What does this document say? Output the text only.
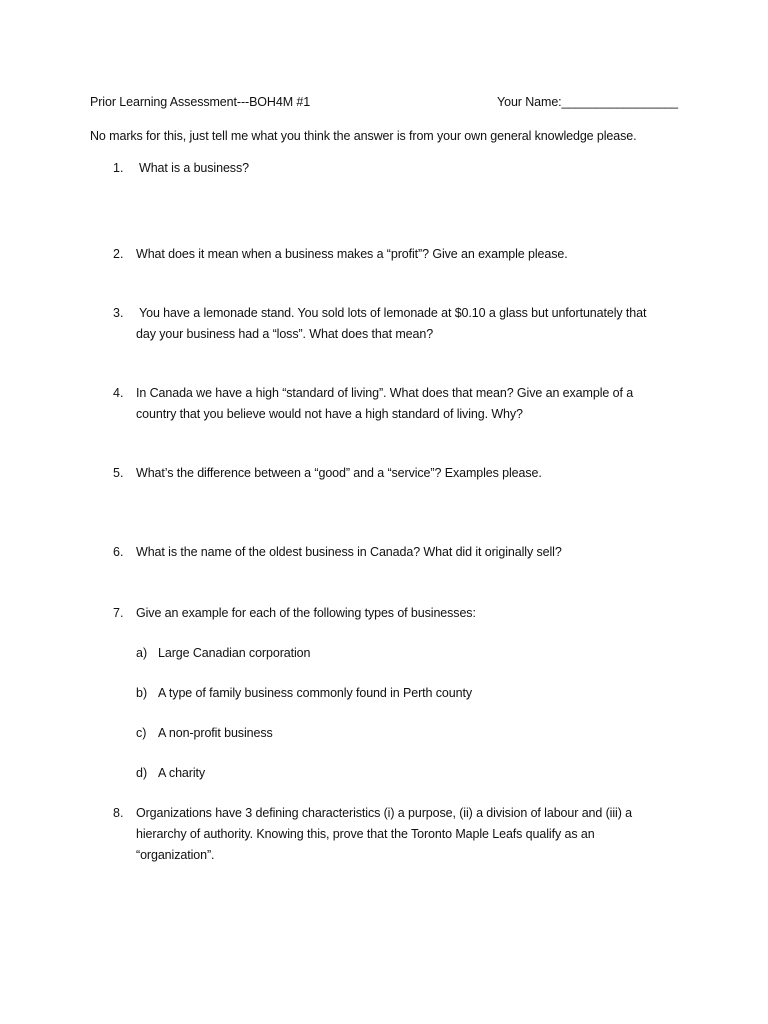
Prior Learning Assessment---BOH4M #1	Your Name:_________________
No marks for this, just tell me what you think the answer is from your own general knowledge please.
1. What is a business?
2. What does it mean when a business makes a “profit”? Give an example please.
3. You have a lemonade stand. You sold lots of lemonade at $0.10 a glass but unfortunately that
day your business had a “loss”. What does that mean?
4. In Canada we have a high “standard of living”. What does that mean? Give an example of a
country that you believe would not have a high standard of living. Why?
5. What’s the difference between a “good” and a “service”? Examples please.
6. What is the name of the oldest business in Canada? What did it originally sell?
7. Give an example for each of the following types of businesses:
a) Large Canadian corporation
b) A type of family business commonly found in Perth county
c) A non-profit business
d) A charity
8. Organizations have 3 defining characteristics (i) a purpose, (ii) a division of labour and (iii) a
hierarchy of authority. Knowing this, prove that the Toronto Maple Leafs qualify as an
“organization”.
